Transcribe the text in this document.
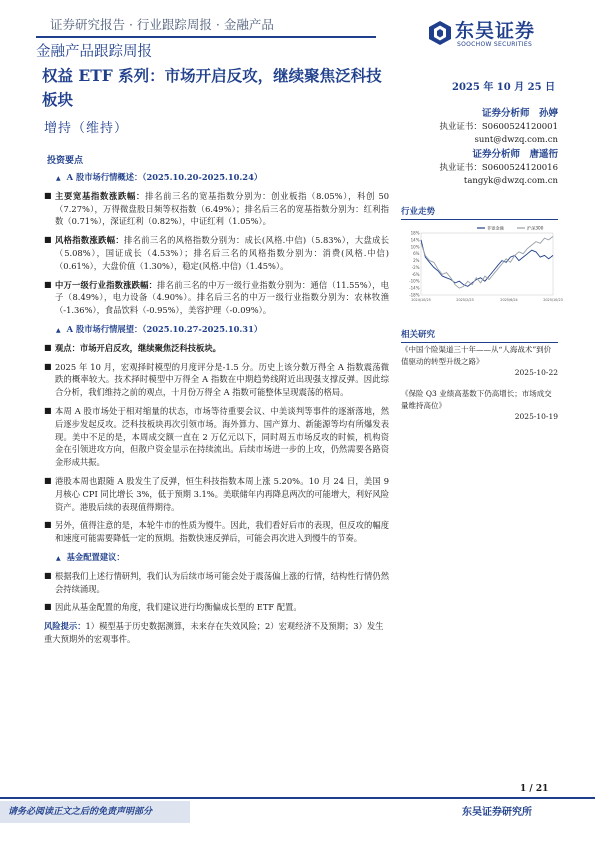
证券研究报告 · 行业跟踪周报 · 金融产品
金融产品跟踪周报
东吴证券
SOOCHOW SECURITIES
权益 ETF 系列：市场开启反攻，继续聚焦泛科技板块
增持（维持）
2025 年 10 月 25 日
证券分析师　孙婷
执业证书：S0600524120001
sunt@dwzq.com.cn
证券分析师　唐遥衎
执业证书：S0600524120016
tangyk@dwzq.com.cn
行业走势
18%
14%
10%
6%
2%
-2%
-6%
-10%
-14%
-18%
2024/10/25	2025/2/23	2025/6/24	2025/10/23
非银金融	沪深300
相关研究
《中国个险渠道三十年——从“人海战术”到价值驱动的转型升级之路》
2025-10-22
《保险 Q3 业绩高基数下仍高增长；市场成交量维持高位》
2025-10-19
投资要点
▲ A 股市场行情概述：（2025.10.20-2025.10.24）
■ 主要宽基指数涨跌幅：排名前三名的宽基指数分别为：创业板指（8.05%），科创 50（7.27%），万得微盘股日频等权指数（6.49%）；排名后三名的宽基指数分别为：红利指数（0.71%），深证红利（0.82%），中证红利（1.05%）。
■ 风格指数涨跌幅：排名前三名的风格指数分别为：成长(风格.中信)（5.83%），大盘成长（5.08%），国证成长（4.53%）；排名后三名的风格指数分别为：消费(风格.中信)（0.61%），大盘价值（1.30%），稳定(风格.中信)（1.45%）。
■ 中万一级行业指数涨跌幅：排名前三名的中万一级行业指数分别为：通信（11.55%），电子（8.49%），电力设备（4.90%）。排名后三名的中万一级行业指数分别为：农林牧渔（-1.36%），食品饮料（-0.95%），美容护理（-0.09%）。
▲ A 股市场行情展望：（2025.10.27-2025.10.31）
■ 观点：市场开启反攻，继续聚焦泛科技板块。
■ 2025 年 10 月，宏观择时模型的月度评分是-1.5 分。历史上该分数万得全 A 指数震荡微跌的概率较大。技术择时模型中万得全 A 指数在中期趋势线附近出现强支撑反弹。因此综合分析，我们维持之前的观点，十月份万得全 A 指数可能整体呈现震荡的格局。
■ 本周 A 股市场处于相对缩量的状态，市场等待重要会议、中美谈判等事件的逐渐落地，然后逐步发起反攻。泛科技板块再次引领市场。海外算力、国产算力、新能源等均有所爆发表现。美中不足的是，本周成交额一直在 2 万亿元以下，同时周五市场反攻的时候，机构资金在引领进攻方向，但散户资金显示在持续流出。后续市场进一步的上攻，仍然需要各路资金形成共振。
■ 港股本周也跟随 A 股发生了反弹，恒生科技指数本周上涨 5.20%。10 月 24 日，美国 9 月核心 CPI 同比增长 3%，低于预期 3.1%。美联储年内再降息两次的可能增大，利好风险资产。港股后续的表现值得期待。
■ 另外，值得注意的是，本轮牛市的性质为慢牛。因此，我们看好后市的表现，但反攻的幅度和速度可能需要降低一定的预期。指数快速反弹后，可能会再次进入到慢牛的节奏。
▲ 基金配置建议：
■ 根据我们上述行情研判，我们认为后续市场可能会处于震荡偏上涨的行情，结构性行情仍然会持续涌现。
■ 因此从基金配置的角度，我们建议进行均衡偏成长型的 ETF 配置。
风险提示：1）模型基于历史数据测算，未来存在失效风险；2）宏观经济不及预期；3）发生重大预期外的宏观事件。
1 / 21
请务必阅读正文之后的免责声明部分	东吴证券研究所
